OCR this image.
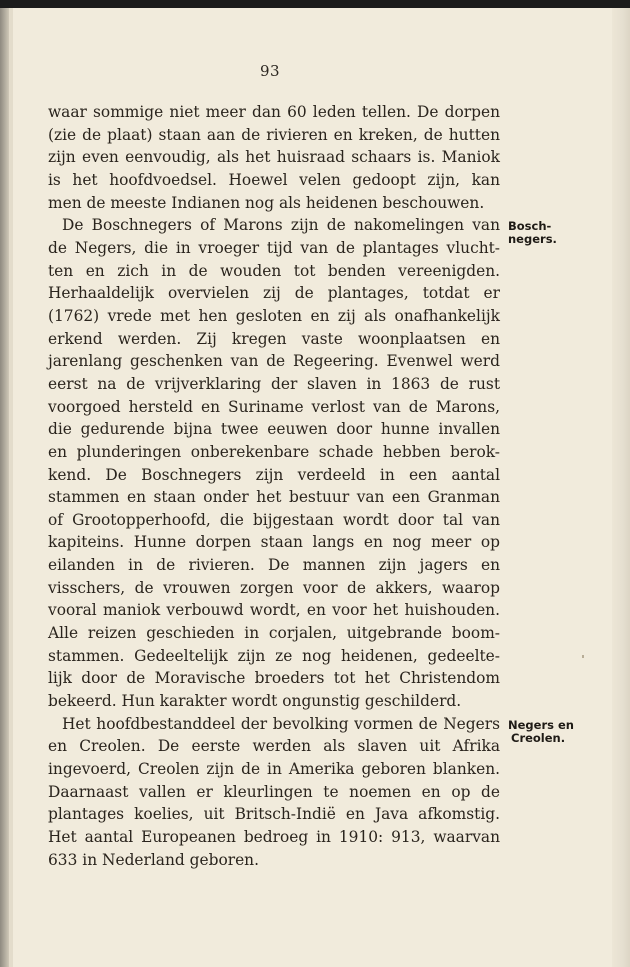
93
waar sommige niet meer dan 60 leden tellen. De dorpen
(zie de plaat) staan aan de rivieren en kreken, de hutten
zijn even eenvoudig, als het huisraad schaars is. Maniok
is het hoofdvoedsel. Hoewel velen gedoopt zijn, kan
men de meeste Indianen nog als heidenen beschouwen.
De Boschnegers of Marons zijn de nakomelingen van
de Negers, die in vroeger tijd van de plantages vlucht-
ten en zich in de wouden tot benden vereenigden.
Herhaaldelijk overvielen zij de plantages, totdat er
(1762) vrede met hen gesloten en zij als onafhankelijk
erkend werden. Zij kregen vaste woonplaatsen en
jarenlang geschenken van de Regeering. Evenwel werd
eerst na de vrijverklaring der slaven in 1863 de rust
voorgoed hersteld en Suriname verlost van de Marons,
die gedurende bijna twee eeuwen door hunne invallen
en plunderingen onberekenbare schade hebben berok-
kend. De Boschnegers zijn verdeeld in een aantal
stammen en staan onder het bestuur van een Granman
of Grootopperhoofd, die bijgestaan wordt door tal van
kapiteins. Hunne dorpen staan langs en nog meer op
eilanden in de rivieren. De mannen zijn jagers en
visschers, de vrouwen zorgen voor de akkers, waarop
vooral maniok verbouwd wordt, en voor het huishouden.
Alle reizen geschieden in corjalen, uitgebrande boom-
stammen. Gedeeltelijk zijn ze nog heidenen, gedeelte-
lijk door de Moravische broeders tot het Christendom
bekeerd. Hun karakter wordt ongunstig geschilderd.
Het hoofdbestanddeel der bevolking vormen de Negers
en Creolen. De eerste werden als slaven uit Afrika
ingevoerd, Creolen zijn de in Amerika geboren blanken.
Daarnaast vallen er kleurlingen te noemen en op de
plantages koelies, uit Britsch-Indië en Java afkomstig.
Het aantal Europeanen bedroeg in 1910: 913, waarvan
633 in Nederland geboren.
Bosch-
negers.
Negers en
Creolen.
